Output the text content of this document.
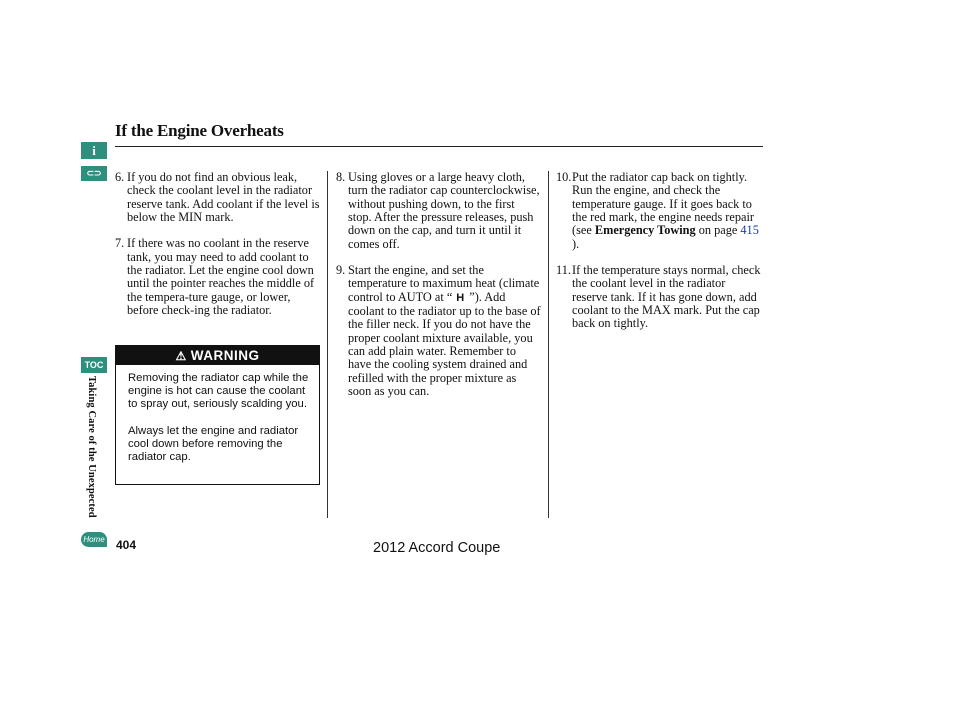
If the Engine Overheats
i
⊂⊃
TOC
Taking Care of the Unexpected
Home
6. If you do not find an obvious leak, check the coolant level in the radiator reserve tank. Add coolant if the level is below the MIN mark.
7. If there was no coolant in the reserve tank, you may need to add coolant to the radiator. Let the engine cool down until the pointer reaches the middle of the tempera-ture gauge, or lower, before check-ing the radiator.
⚠ WARNING

Removing the radiator cap while the engine is hot can cause the coolant to spray out, seriously scalding you.

Always let the engine and radiator cool down before removing the radiator cap.

8. Using gloves or a large heavy cloth, turn the radiator cap counterclockwise, without pushing down, to the first stop. After the pressure releases, push down on the cap, and turn it until it comes off.
9. Start the engine, and set the temperature to maximum heat (climate control to AUTO at “ H ”). Add coolant to the radiator up to the base of the filler neck. If you do not have the proper coolant mixture available, you can add plain water. Remember to have the cooling system drained and refilled with the proper mixture as soon as you can.
10. Put the radiator cap back on tightly. Run the engine, and check the temperature gauge. If it goes back to the red mark, the engine needs repair (see Emergency Towing on page 415 ).
11. If the temperature stays normal, check the coolant level in the radiator reserve tank. If it has gone down, add coolant to the MAX mark. Put the cap back on tightly.
404	2012 Accord Coupe
